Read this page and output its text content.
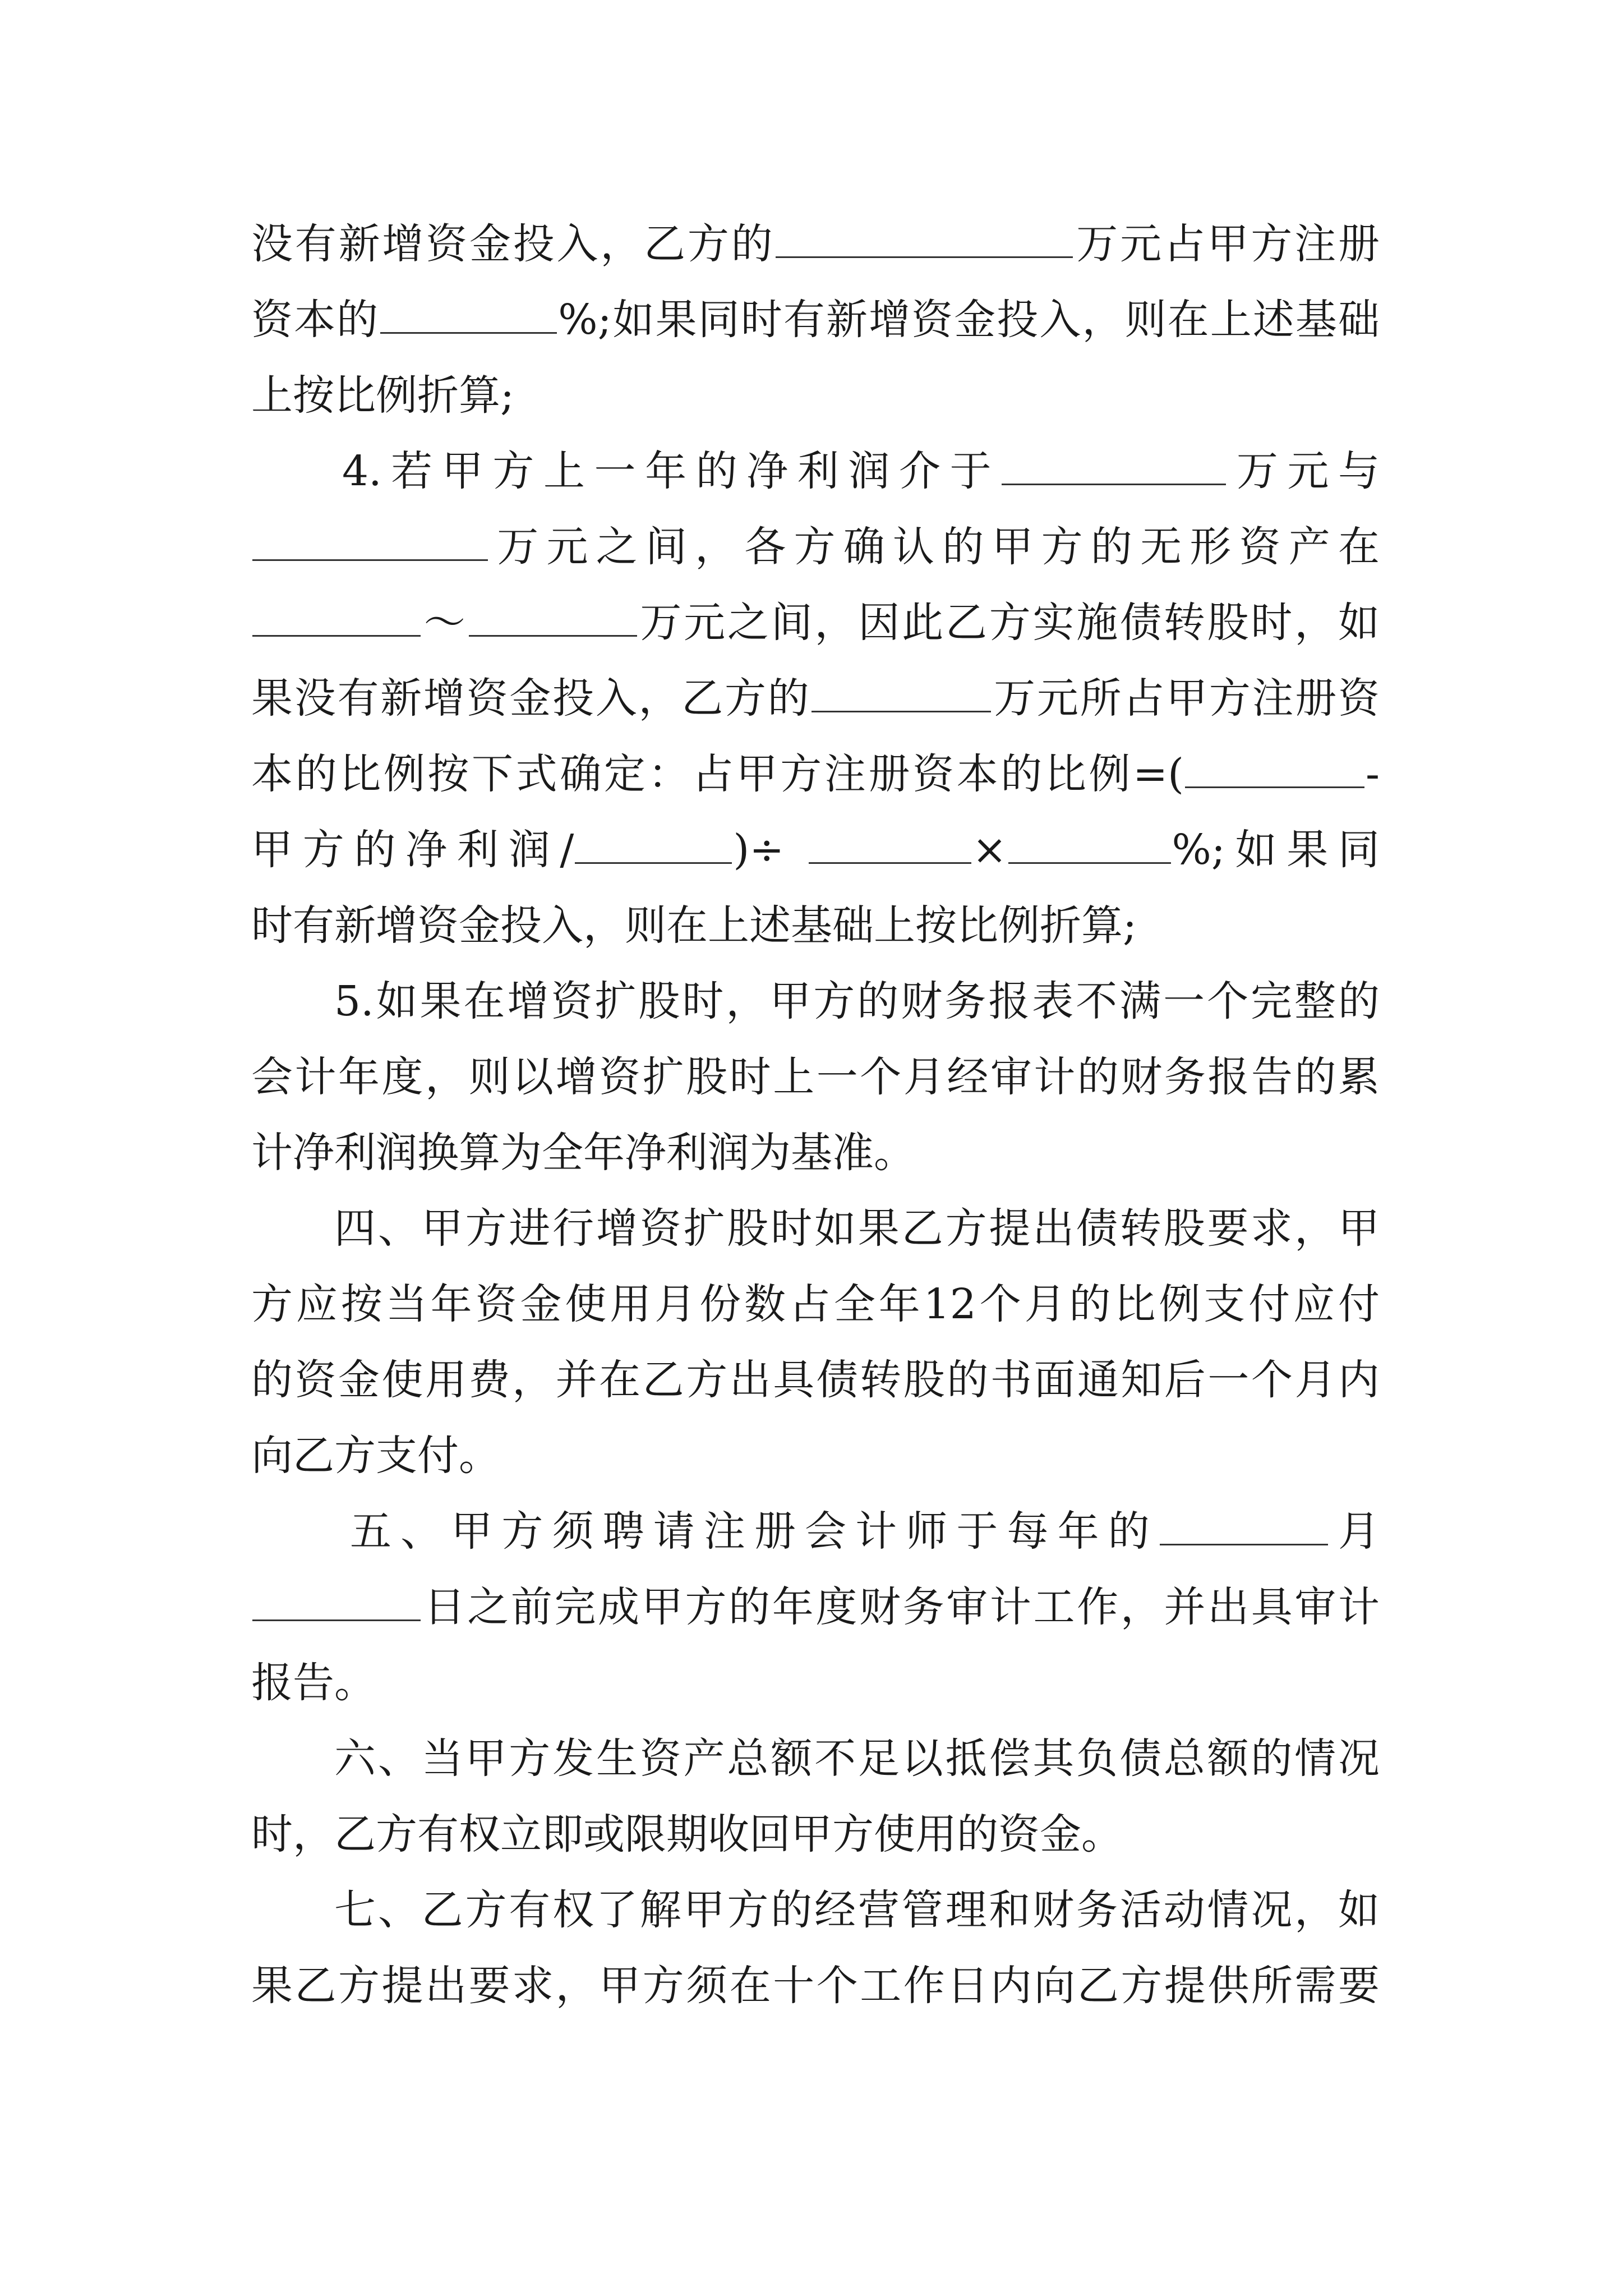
没有新增资金投入，乙方的	万元占甲方注册
资本的	%;如果同时有新增资金投入，则在上述基础
上按比例折算;
4.若甲方上一年的净利润介于	万元与
万元之间，各方确认的甲方的无形资产在
～	万元之间，因此乙方实施债转股时，如
果没有新增资金投入，乙方的	万元所占甲方注册资
本的比例按下式确定：占甲方注册资本的比例=(	-
甲方的净利润/	)÷	×	%;如果同
时有新增资金投入，则在上述基础上按比例折算;
5.如果在增资扩股时，甲方的财务报表不满一个完整的
会计年度，则以增资扩股时上一个月经审计的财务报告的累
计净利润换算为全年净利润为基准。
四、甲方进行增资扩股时如果乙方提出债转股要求，甲
方应按当年资金使用月份数占全年12个月的比例支付应付
的资金使用费，并在乙方出具债转股的书面通知后一个月内
向乙方支付。
五、甲方须聘请注册会计师于每年的	月
日之前完成甲方的年度财务审计工作，并出具审计
报告。
六、当甲方发生资产总额不足以抵偿其负债总额的情况
时，乙方有权立即或限期收回甲方使用的资金。
七、乙方有权了解甲方的经营管理和财务活动情况，如
果乙方提出要求，甲方须在十个工作日内向乙方提供所需要
